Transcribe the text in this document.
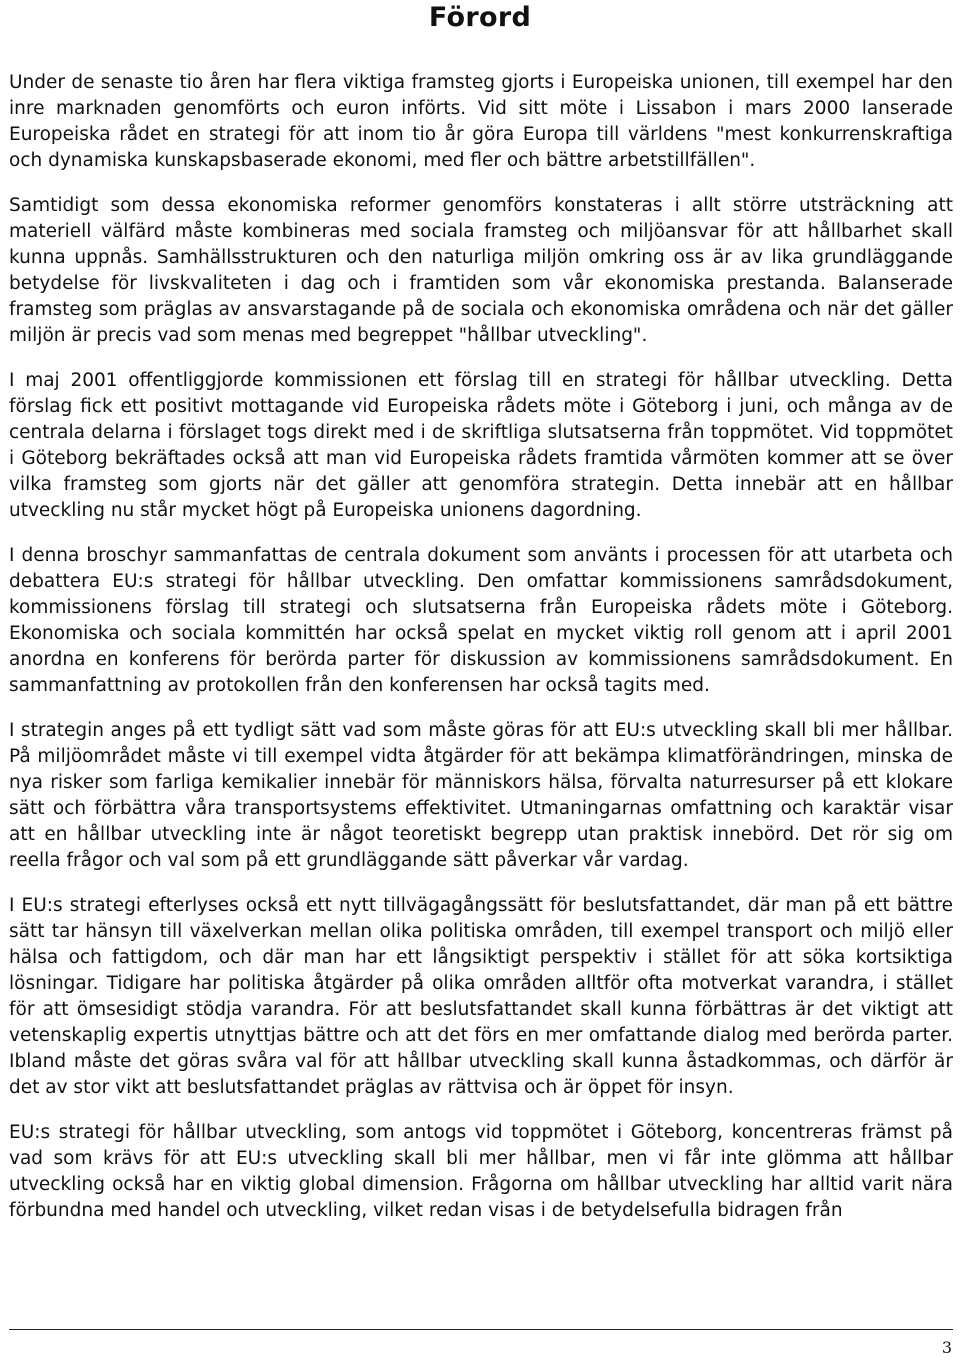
Förord

Under de senaste tio åren har flera viktiga framsteg gjorts i Europeiska unionen, till exempel har den inre marknaden genomförts och euron införts. Vid sitt möte i Lissabon i mars 2000 lanserade Europeiska rådet en strategi för att inom tio år göra Europa till världens "mest konkurrenskraftiga och dynamiska kunskapsbaserade ekonomi, med fler och bättre arbetstillfällen".

Samtidigt som dessa ekonomiska reformer genomförs konstateras i allt större utsträckning att materiell välfärd måste kombineras med sociala framsteg och miljöansvar för att hållbarhet skall kunna uppnås. Samhällsstrukturen och den naturliga miljön omkring oss är av lika grundläggande betydelse för livskvaliteten i dag och i framtiden som vår ekonomiska prestanda. Balanserade framsteg som präglas av ansvarstagande på de sociala och ekonomiska områdena och när det gäller miljön är precis vad som menas med begreppet "hållbar utveckling".

I maj 2001 offentliggjorde kommissionen ett förslag till en strategi för hållbar utveckling. Detta förslag fick ett positivt mottagande vid Europeiska rådets möte i Göteborg i juni, och många av de centrala delarna i förslaget togs direkt med i de skriftliga slutsatserna från toppmötet. Vid toppmötet i Göteborg bekräftades också att man vid Europeiska rådets framtida vårmöten kommer att se över vilka framsteg som gjorts när det gäller att genomföra strategin. Detta innebär att en hållbar utveckling nu står mycket högt på Europeiska unionens dagordning.

I denna broschyr sammanfattas de centrala dokument som använts i processen för att utarbeta och debattera EU:s strategi för hållbar utveckling. Den omfattar kommissionens samrådsdokument, kommissionens förslag till strategi och slutsatserna från Europeiska rådets möte i Göteborg. Ekonomiska och sociala kommittén har också spelat en mycket viktig roll genom att i april 2001 anordna en konferens för berörda parter för diskussion av kommissionens samrådsdokument. En sammanfattning av protokollen från den konferensen har också tagits med.

I strategin anges på ett tydligt sätt vad som måste göras för att EU:s utveckling skall bli mer hållbar. På miljöområdet måste vi till exempel vidta åtgärder för att bekämpa klimatförändringen, minska de nya risker som farliga kemikalier innebär för människors hälsa, förvalta naturresurser på ett klokare sätt och förbättra våra transportsystems effektivitet. Utmaningarnas omfattning och karaktär visar att en hållbar utveckling inte är något teoretiskt begrepp utan praktisk innebörd. Det rör sig om reella frågor och val som på ett grundläggande sätt påverkar vår vardag.

I EU:s strategi efterlyses också ett nytt tillvägagångssätt för beslutsfattandet, där man på ett bättre sätt tar hänsyn till växelverkan mellan olika politiska områden, till exempel transport och miljö eller hälsa och fattigdom, och där man har ett långsiktigt perspektiv i stället för att söka kortsiktiga lösningar. Tidigare har politiska åtgärder på olika områden alltför ofta motverkat varandra, i stället för att ömsesidigt stödja varandra. För att beslutsfattandet skall kunna förbättras är det viktigt att vetenskaplig expertis utnyttjas bättre och att det förs en mer omfattande dialog med berörda parter. Ibland måste det göras svåra val för att hållbar utveckling skall kunna åstadkommas, och därför är det av stor vikt att beslutsfattandet präglas av rättvisa och är öppet för insyn.

EU:s strategi för hållbar utveckling, som antogs vid toppmötet i Göteborg, koncentreras främst på vad som krävs för att EU:s utveckling skall bli mer hållbar, men vi får inte glömma att hållbar utveckling också har en viktig global dimension. Frågorna om hållbar utveckling har alltid varit nära förbundna med handel och utveckling, vilket redan visas i de betydelsefulla bidragen från

3
